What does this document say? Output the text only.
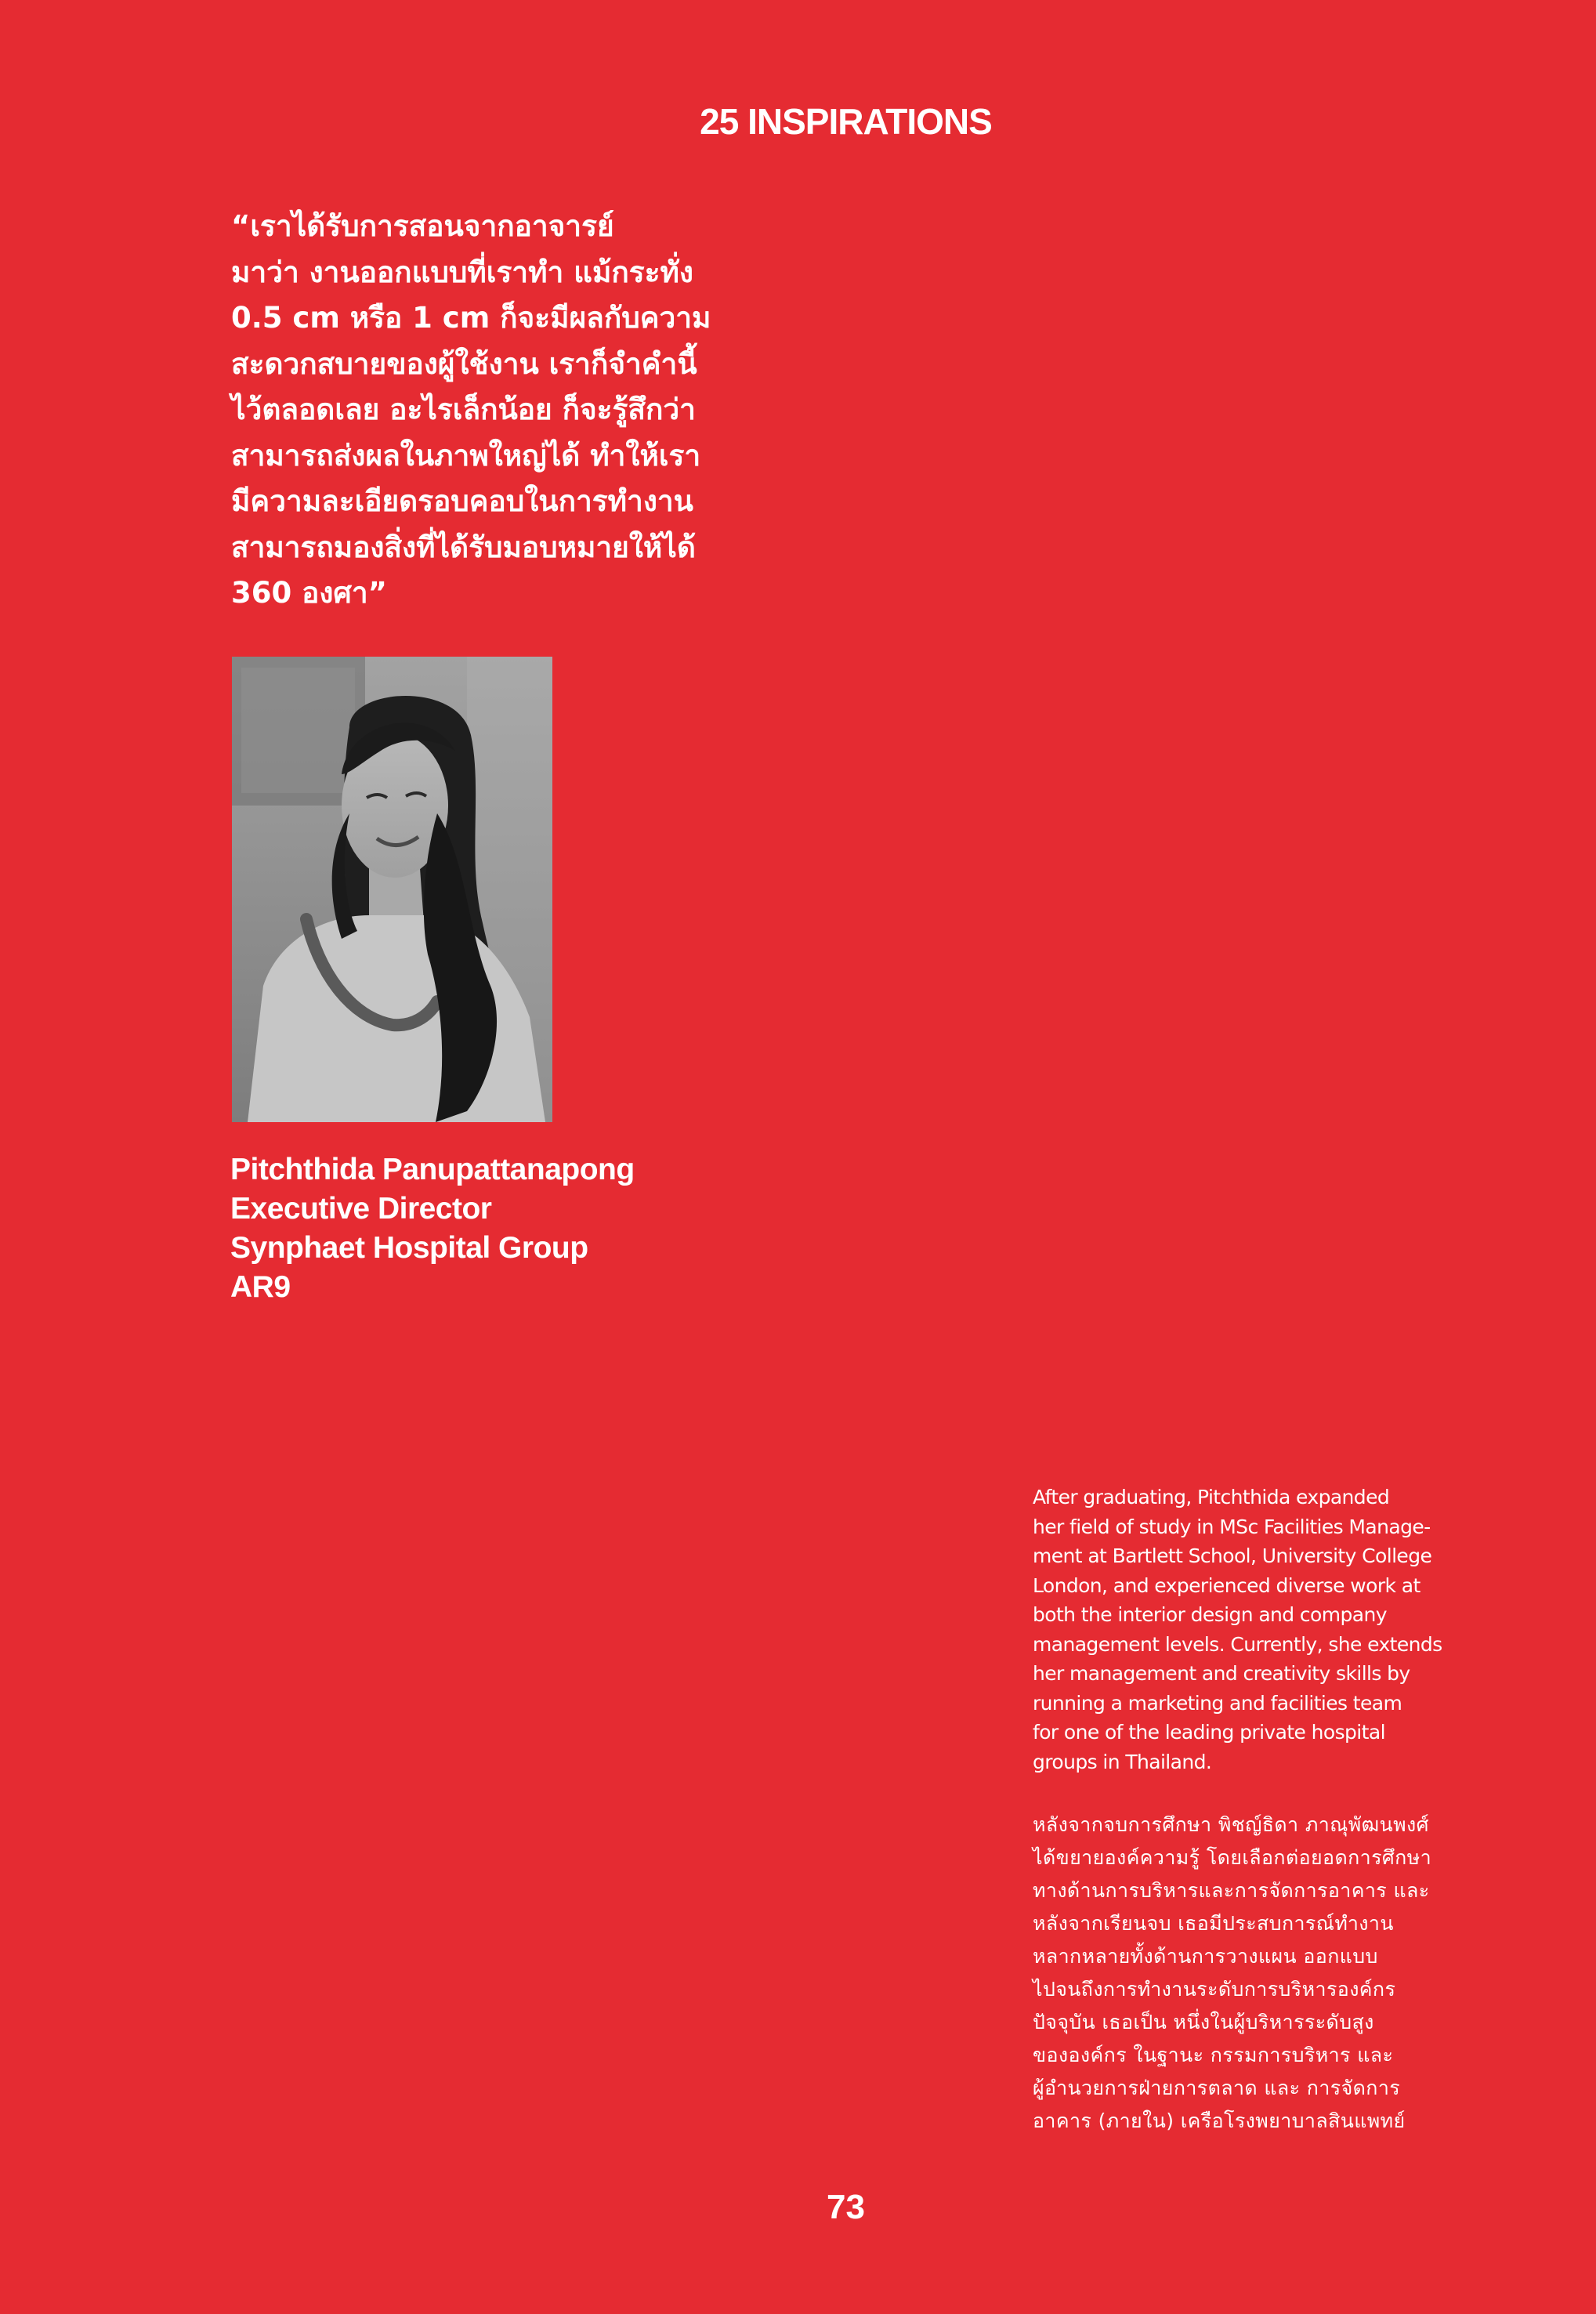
25 INSPIRATIONS

“เราได้รับการสอนจากอาจารย์
มาว่า งานออกแบบที่เราทำ แม้กระทั่ง
0.5 cm หรือ 1 cm ก็จะมีผลกับความ
สะดวกสบายของผู้ใช้งาน เราก็จำคำนี้
ไว้ตลอดเลย อะไรเล็กน้อย ก็จะรู้สึกว่า
สามารถส่งผลในภาพใหญ่ได้ ทำให้เรา
มีความละเอียดรอบคอบในการทำงาน
สามารถมองสิ่งที่ได้รับมอบหมายให้ได้
360 องศา”

Pitchthida Panupattanapong
Executive Director
Synphaet Hospital Group
AR9

After graduating, Pitchthida expanded
her field of study in MSc Facilities Manage-
ment at Bartlett School, University College
London, and experienced diverse work at
both the interior design and company
management levels. Currently, she extends
her management and creativity skills by
running a marketing and facilities team
for one of the leading private hospital
groups in Thailand.

หลังจากจบการศึกษา พิชญ์ธิดา ภาณุพัฒนพงศ์
ได้ขยายองค์ความรู้ โดยเลือกต่อยอดการศึกษา
ทางด้านการบริหารและการจัดการอาคาร และ
หลังจากเรียนจบ เธอมีประสบการณ์ทำงาน
หลากหลายทั้งด้านการวางแผน ออกแบบ
ไปจนถึงการทำงานระดับการบริหารองค์กร
ปัจจุบัน เธอเป็น หนึ่งในผู้บริหารระดับสูง
ขององค์กร ในฐานะ กรรมการบริหาร และ
ผู้อำนวยการฝ่ายการตลาด และ การจัดการ
อาคาร (ภายใน) เครือโรงพยาบาลสินแพทย์

73
